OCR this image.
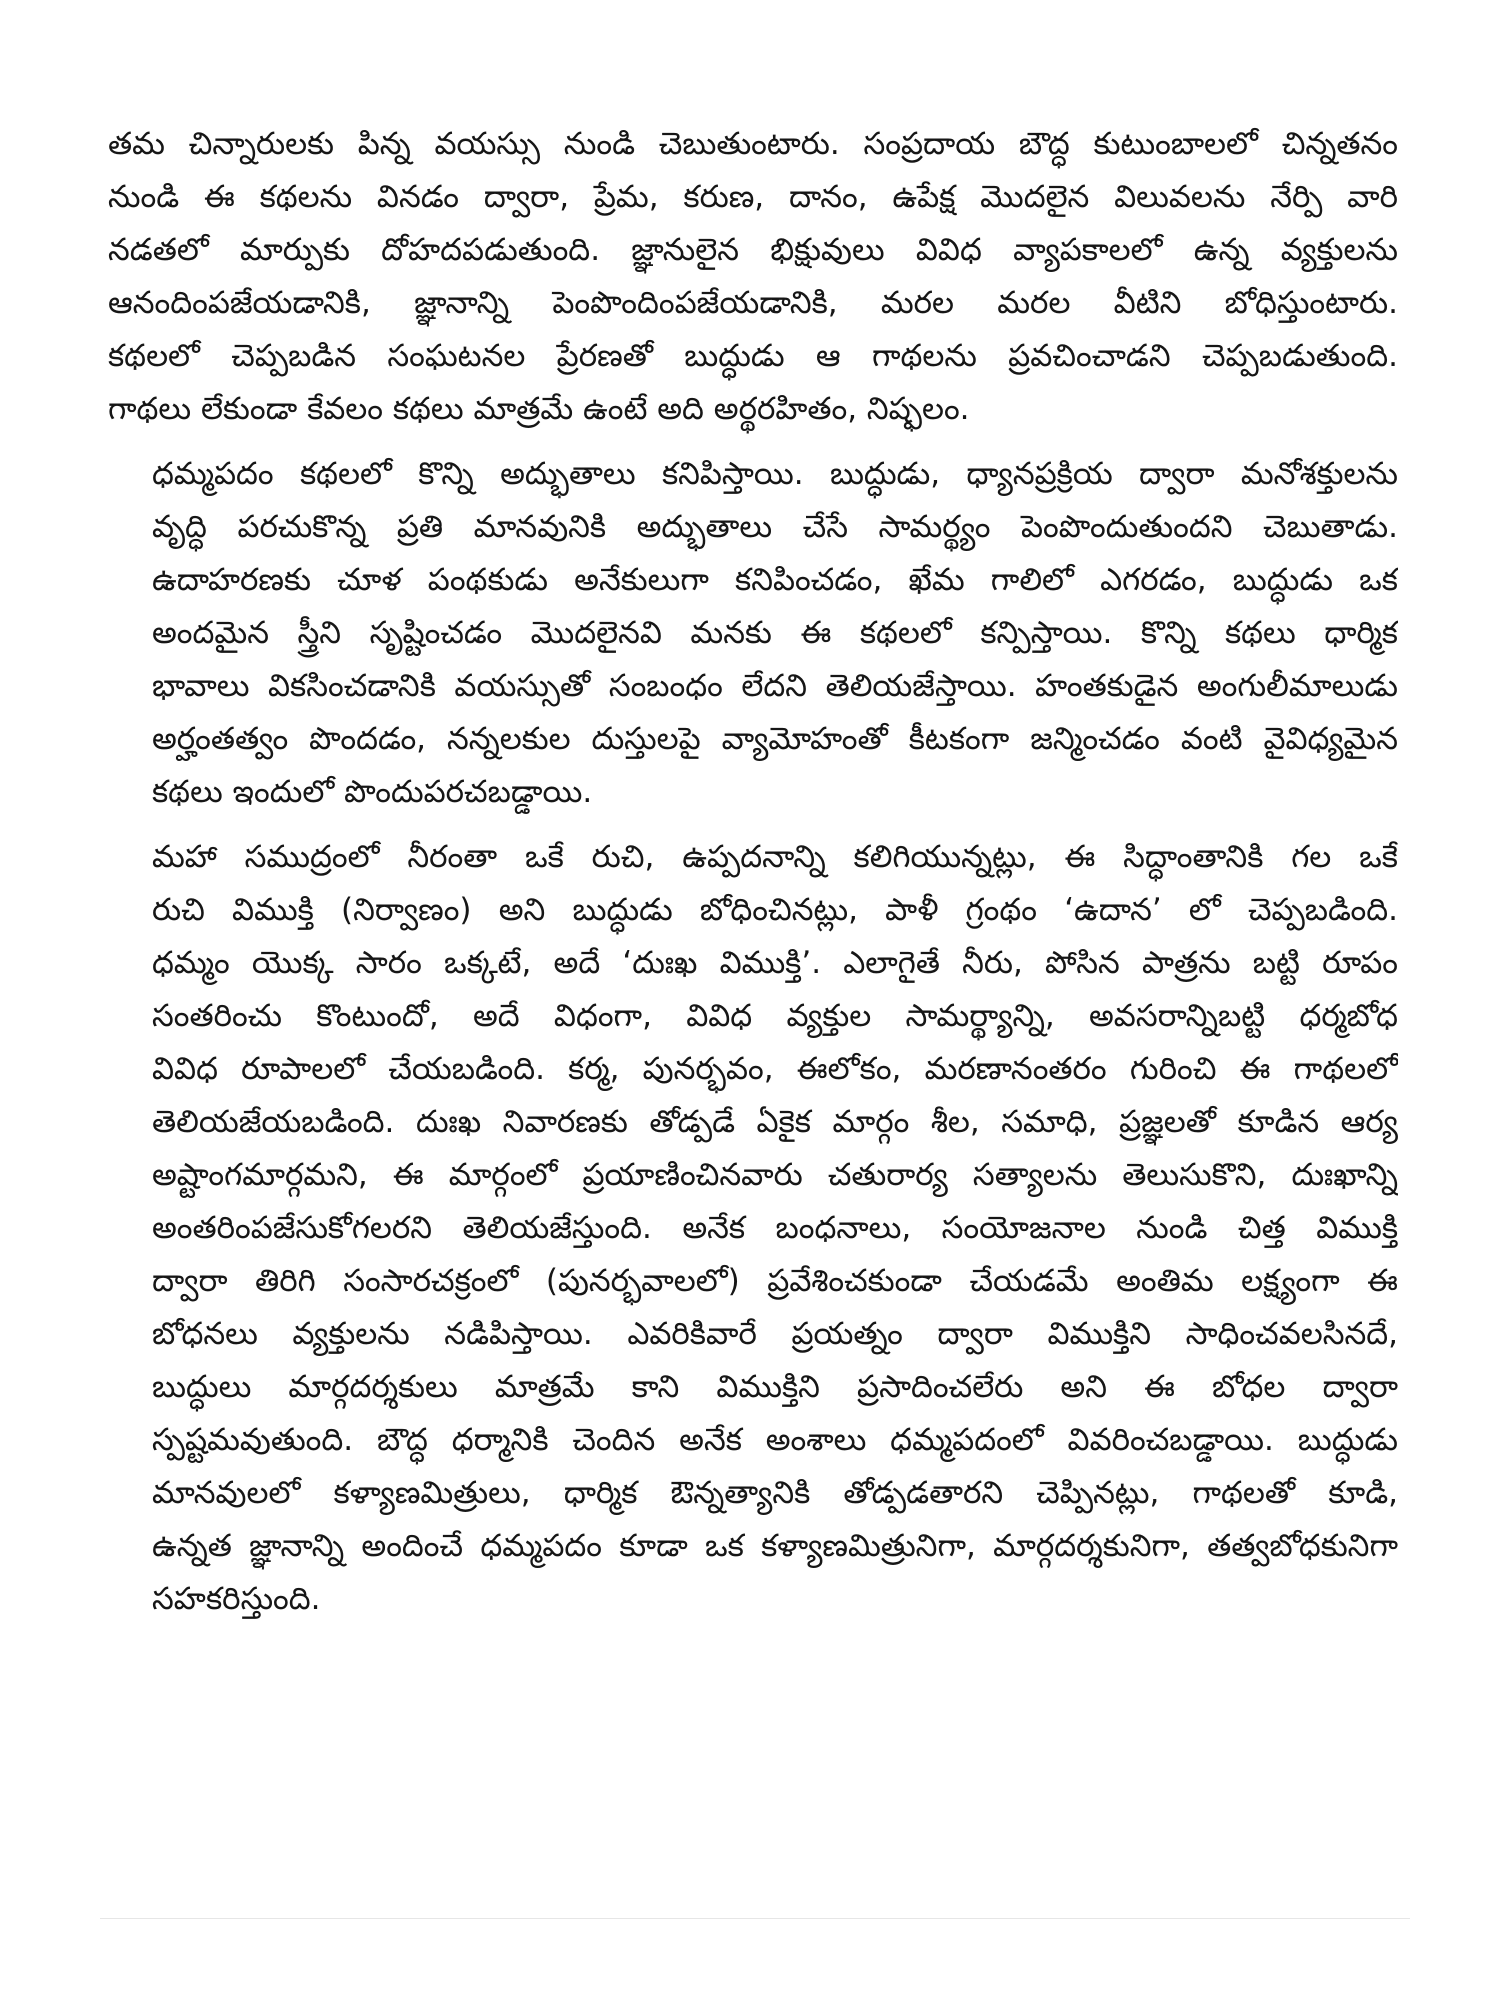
తమ చిన్నారులకు పిన్న వయస్సు నుండి చెబుతుంటారు. సంప్రదాయ బౌద్ధ కుటుంబాలలో చిన్నతనం
నుండి ఈ కథలను వినడం ద్వారా, ప్రేమ, కరుణ, దానం, ఉపేక్ష మొదలైన విలువలను నేర్పి వారి
నడతలో మార్పుకు దోహదపడుతుంది. జ్ఞానులైన భిక్షువులు వివిధ వ్యాపకాలలో ఉన్న వ్యక్తులను
ఆనందింపజేయడానికి, జ్ఞానాన్ని పెంపొందింపజేయడానికి, మరల మరల వీటిని బోధిస్తుంటారు.
కథలలో చెప్పబడిన సంఘటనల ప్రేరణతో బుద్ధుడు ఆ గాథలను ప్రవచించాడని చెప్పబడుతుంది.
గాథలు లేకుండా కేవలం కథలు మాత్రమే ఉంటే అది అర్థరహితం, నిష్ఫలం.

ధమ్మపదం కథలలో కొన్ని అద్భుతాలు కనిపిస్తాయి. బుద్ధుడు, ధ్యానప్రక్రియ ద్వారా మనోశక్తులను
వృద్ధి పరచుకొన్న ప్రతి మానవునికి అద్భుతాలు చేసే సామర్థ్యం పెంపొందుతుందని చెబుతాడు.
ఉదాహరణకు చూళ పంథకుడు అనేకులుగా కనిపించడం, ఖేమ గాలిలో ఎగరడం, బుద్ధుడు ఒక
అందమైన స్త్రీని సృష్టించడం మొదలైనవి మనకు ఈ కథలలో కన్పిస్తాయి. కొన్ని కథలు ధార్మిక
భావాలు వికసించడానికి వయస్సుతో సంబంధం లేదని తెలియజేస్తాయి. హంతకుడైన అంగులీమాలుడు
అర్హంతత్వం పొందడం, నన్నలకుల దుస్తులపై వ్యామోహంతో కీటకంగా జన్మించడం వంటి వైవిధ్యమైన
కథలు ఇందులో పొందుపరచబడ్డాయి.

మహా సముద్రంలో నీరంతా ఒకే రుచి, ఉప్పదనాన్ని కలిగియున్నట్లు, ఈ సిద్ధాంతానికి గల ఒకే
రుచి విముక్తి (నిర్వాణం) అని బుద్ధుడు బోధించినట్లు, పాళీ గ్రంథం ‘ఉదాన’ లో చెప్పబడింది.
ధమ్మం యొక్క సారం ఒక్కటే, అదే ‘దుఃఖ విముక్తి’. ఎలాగైతే నీరు, పోసిన పాత్రను బట్టి రూపం
సంతరించు కొంటుందో, అదే విధంగా, వివిధ వ్యక్తుల సామర్థ్యాన్ని, అవసరాన్నిబట్టి ధర్మబోధ
వివిధ రూపాలలో చేయబడింది. కర్మ, పునర్భవం, ఈలోకం, మరణానంతరం గురించి ఈ గాథలలో
తెలియజేయబడింది. దుఃఖ నివారణకు తోడ్పడే ఏకైక మార్గం శీల, సమాధి, ప్రజ్ఞలతో కూడిన ఆర్య
అష్టాంగమార్గమని, ఈ మార్గంలో ప్రయాణించినవారు చతురార్య సత్యాలను తెలుసుకొని, దుఃఖాన్ని
అంతరింపజేసుకోగలరని తెలియజేస్తుంది. అనేక బంధనాలు, సంయోజనాల నుండి చిత్త విముక్తి
ద్వారా తిరిగి సంసారచక్రంలో (పునర్భవాలలో) ప్రవేశించకుండా చేయడమే అంతిమ లక్ష్యంగా ఈ
బోధనలు వ్యక్తులను నడిపిస్తాయి. ఎవరికివారే ప్రయత్నం ద్వారా విముక్తిని సాధించవలసినదే,
బుద్ధులు మార్గదర్శకులు మాత్రమే కాని విముక్తిని ప్రసాదించలేరు అని ఈ బోధల ద్వారా
స్పష్టమవుతుంది. బౌద్ధ ధర్మానికి చెందిన అనేక అంశాలు ధమ్మపదంలో వివరించబడ్డాయి. బుద్ధుడు
మానవులలో కళ్యాణమిత్రులు, ధార్మిక ఔన్నత్యానికి తోడ్పడతారని చెప్పినట్లు, గాథలతో కూడి,
ఉన్నత జ్ఞానాన్ని అందించే ధమ్మపదం కూడా ఒక కళ్యాణమిత్రునిగా, మార్గదర్శకునిగా, తత్వబోధకునిగా
సహకరిస్తుంది.
